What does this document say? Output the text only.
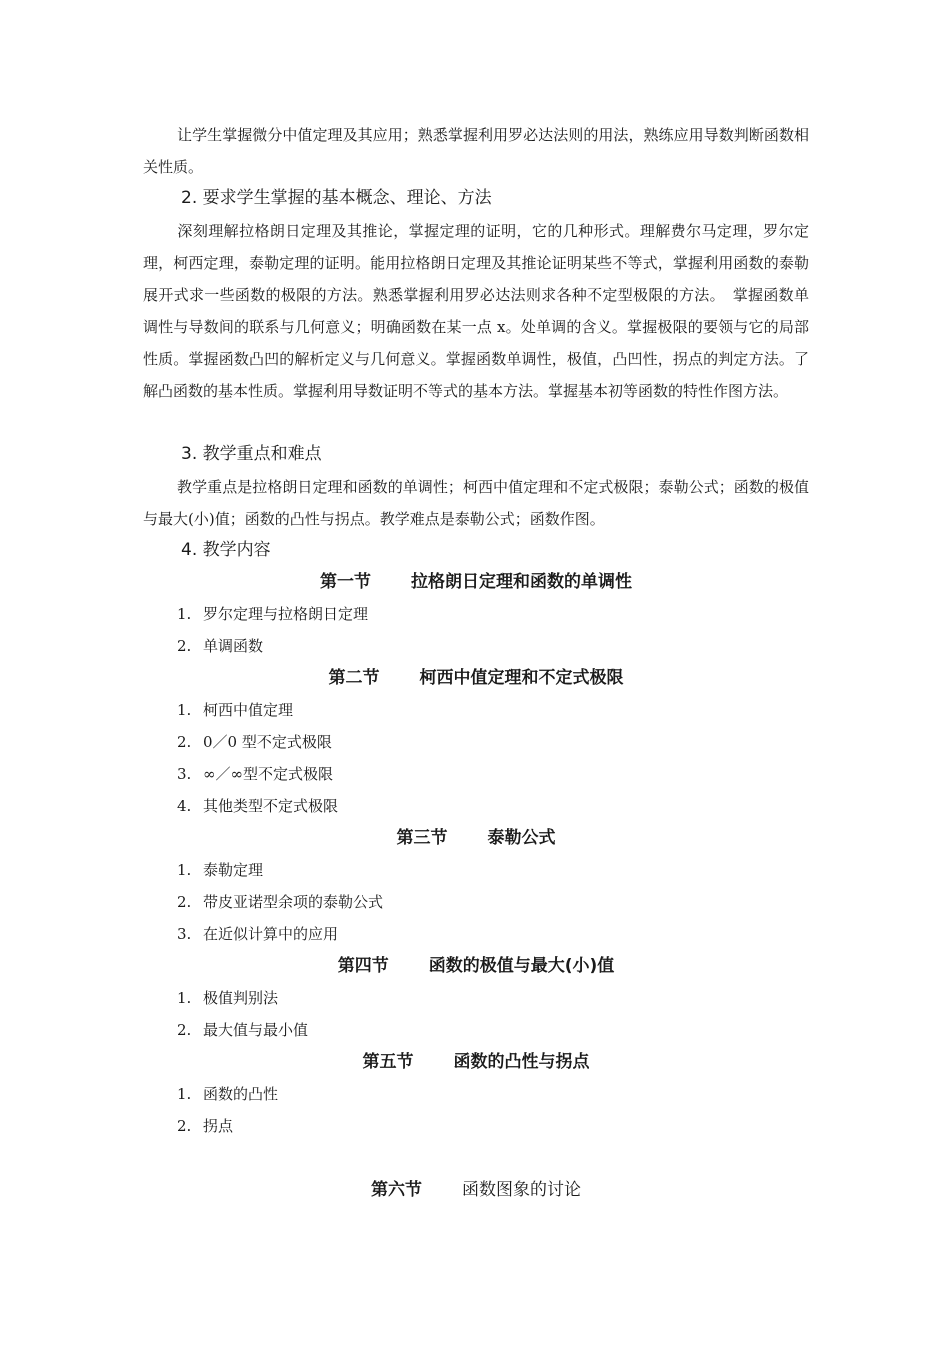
让学生掌握微分中值定理及其应用；熟悉掌握利用罗必达法则的用法，熟练应用导数判断函数相关性质。
2. 要求学生掌握的基本概念、理论、方法
深刻理解拉格朗日定理及其推论，掌握定理的证明，它的几种形式。理解费尔马定理，罗尔定理，柯西定理，泰勒定理的证明。能用拉格朗日定理及其推论证明某些不等式，掌握利用函数的泰勒展开式求一些函数的极限的方法。熟悉掌握利用罗必达法则求各种不定型极限的方法。　掌握函数单调性与导数间的联系与几何意义；明确函数在某一点 x。处单调的含义。掌握极限的要领与它的局部性质。掌握函数凸凹的解析定义与几何意义。掌握函数单调性，极值，凸凹性，拐点的判定方法。了解凸函数的基本性质。掌握利用导数证明不等式的基本方法。掌握基本初等函数的特性作图方法。
3. 教学重点和难点
教学重点是拉格朗日定理和函数的单调性；柯西中值定理和不定式极限；泰勒公式；函数的极值与最大(小)值；函数的凸性与拐点。教学难点是泰勒公式；函数作图。
4. 教学内容
第一节 拉格朗日定理和函数的单调性
1. 罗尔定理与拉格朗日定理
2. 单调函数
第二节 柯西中值定理和不定式极限
1. 柯西中值定理
2. 0／0 型不定式极限
3. ∞／∞型不定式极限
4. 其他类型不定式极限
第三节 泰勒公式
1. 泰勒定理
2. 带皮亚诺型余项的泰勒公式
3. 在近似计算中的应用
第四节 函数的极值与最大(小)值
1. 极值判别法
2. 最大值与最小值
第五节 函数的凸性与拐点
1. 函数的凸性
2. 拐点
第六节 函数图象的讨论
